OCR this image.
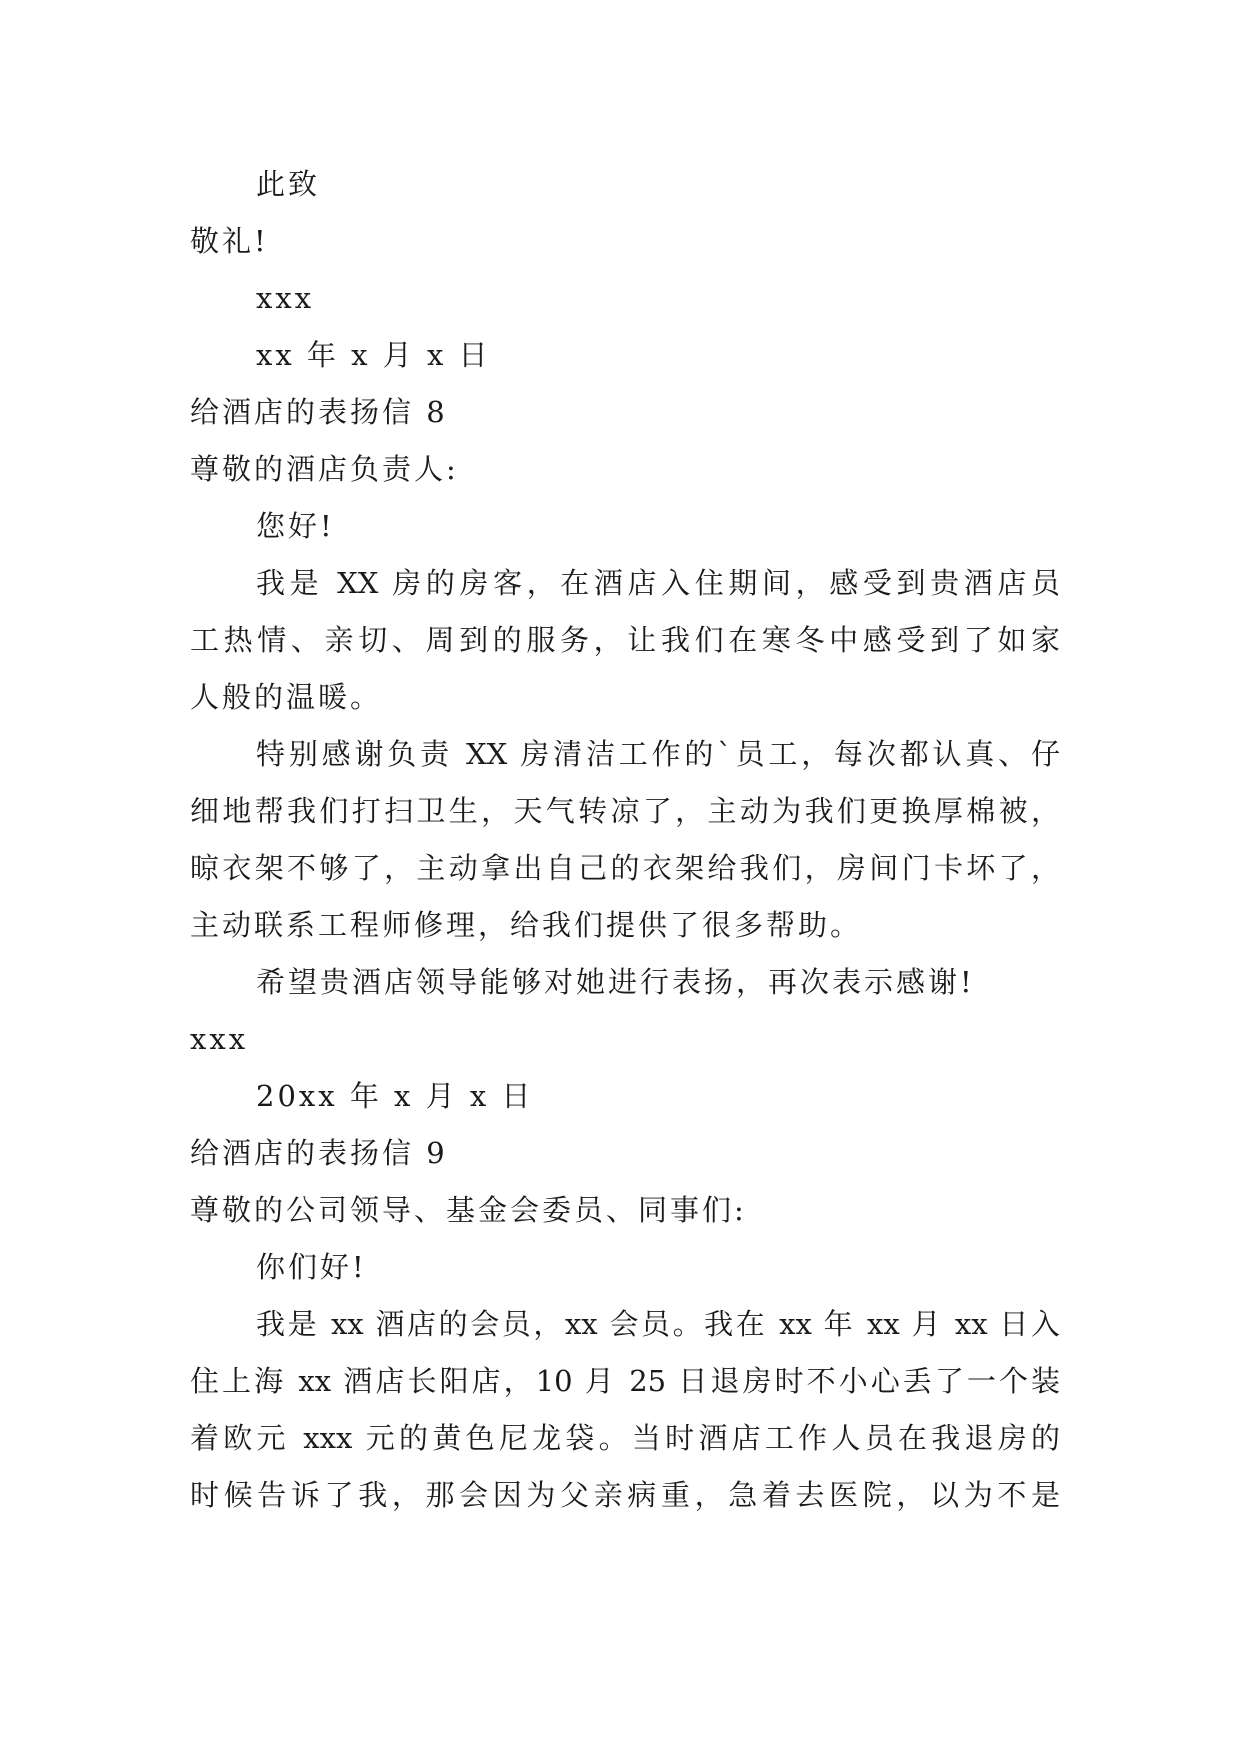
此致
敬礼!
xxx
xx 年 x 月 x 日
给酒店的表扬信 8
尊敬的酒店负责人:
您好!
我是 XX 房的房客，在酒店入住期间，感受到贵酒店员
工热情、亲切、周到的服务，让我们在寒冬中感受到了如家
人般的温暖。
特别感谢负责 XX 房清洁工作的`员工，每次都认真、仔
细地帮我们打扫卫生，天气转凉了，主动为我们更换厚棉被，
晾衣架不够了，主动拿出自己的衣架给我们，房间门卡坏了，
主动联系工程师修理，给我们提供了很多帮助。
希望贵酒店领导能够对她进行表扬，再次表示感谢!
xxx
20xx 年 x 月 x 日
给酒店的表扬信 9
尊敬的公司领导、基金会委员、同事们:
你们好!
我是 xx 酒店的会员，xx 会员。我在 xx 年 xx 月 xx 日入
住上海 xx 酒店长阳店，10 月 25 日退房时不小心丢了一个装
着欧元 xxx 元的黄色尼龙袋。当时酒店工作人员在我退房的
时候告诉了我，那会因为父亲病重，急着去医院，以为不是
